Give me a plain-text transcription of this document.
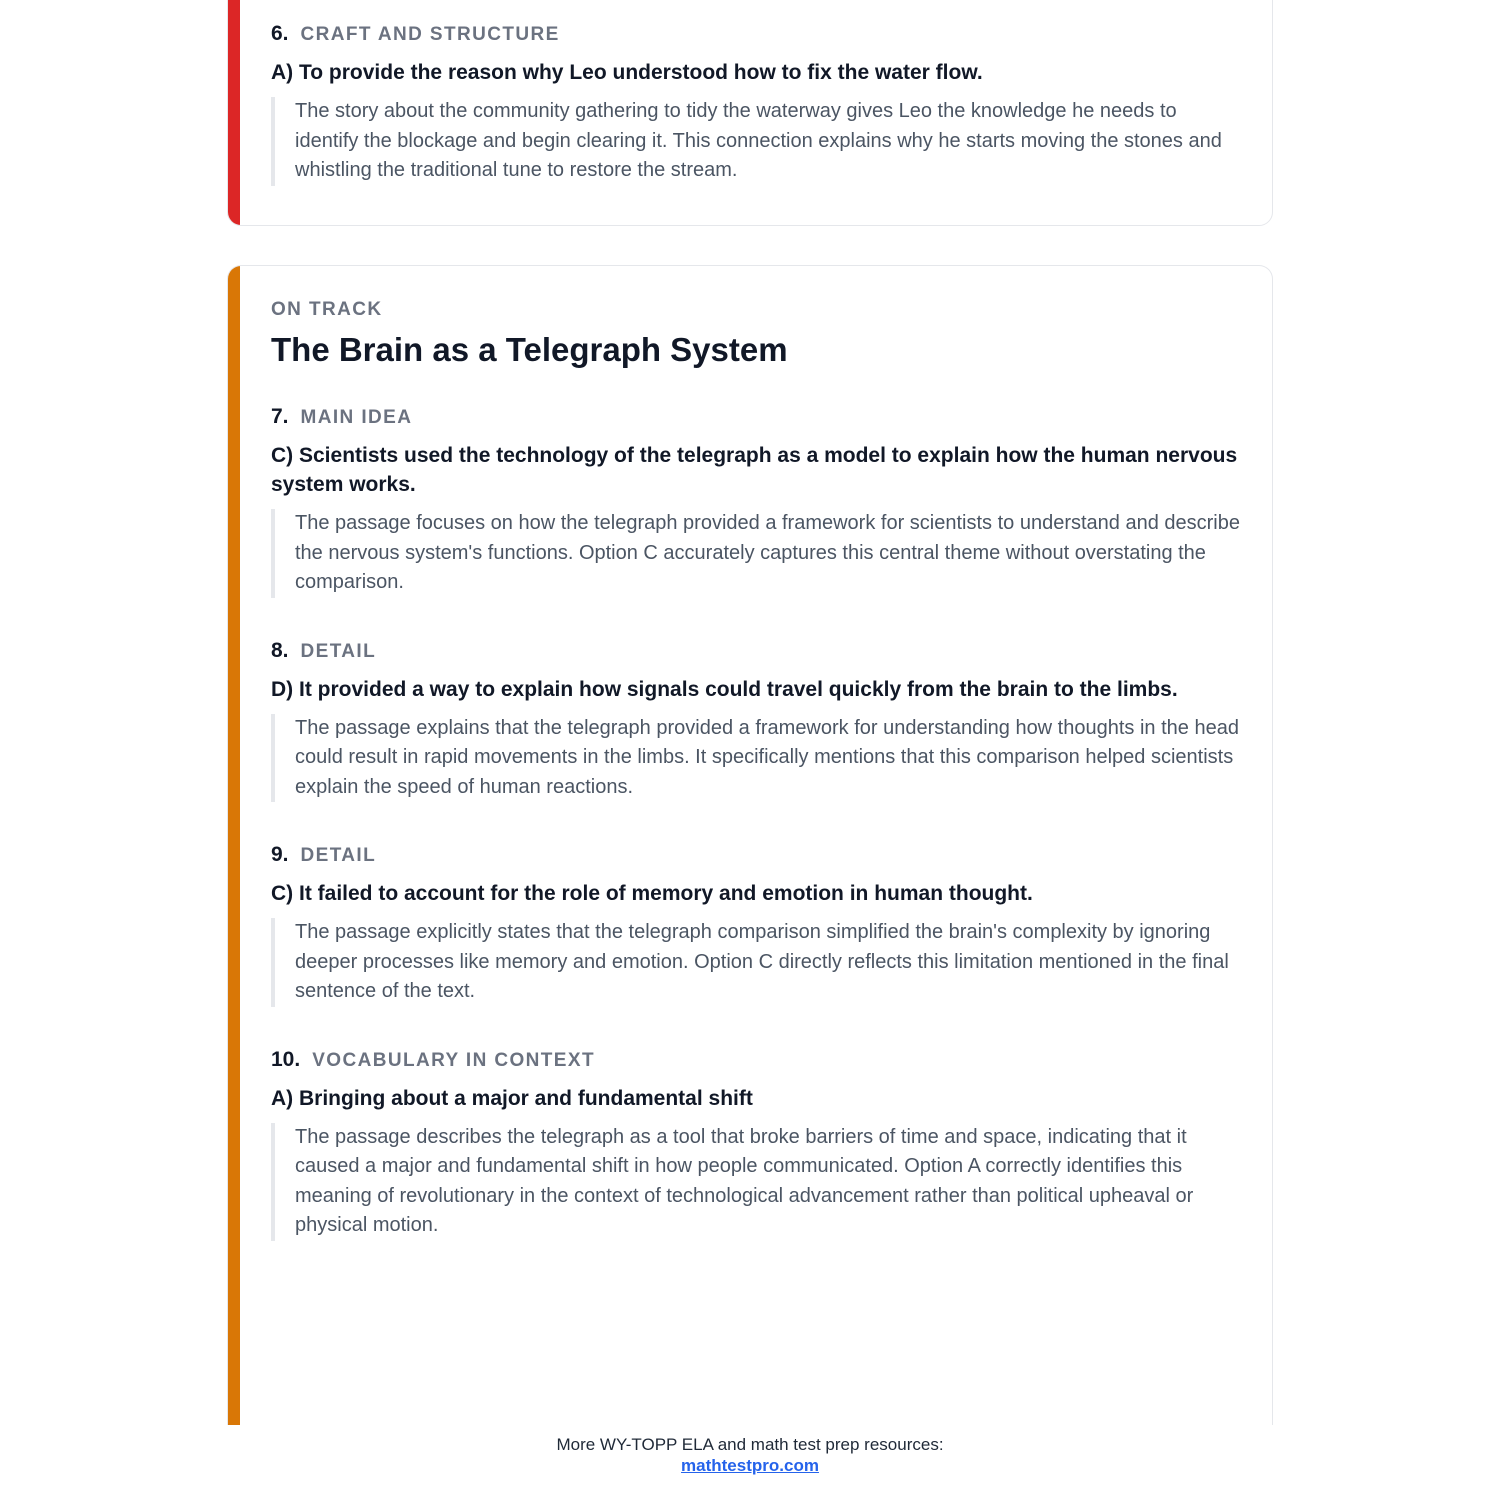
6. CRAFT AND STRUCTURE

A) To provide the reason why Leo understood how to fix the water flow.

The story about the community gathering to tidy the waterway gives Leo the knowledge he needs to identify the blockage and begin clearing it. This connection explains why he starts moving the stones and whistling the traditional tune to restore the stream.

ON TRACK

The Brain as a Telegraph System
7. MAIN IDEA

C) Scientists used the technology of the telegraph as a model to explain how the human nervous system works.

The passage focuses on how the telegraph provided a framework for scientists to understand and describe the nervous system's functions. Option C accurately captures this central theme without overstating the comparison.

8. DETAIL

D) It provided a way to explain how signals could travel quickly from the brain to the limbs.

The passage explains that the telegraph provided a framework for understanding how thoughts in the head could result in rapid movements in the limbs. It specifically mentions that this comparison helped scientists explain the speed of human reactions.

9. DETAIL

C) It failed to account for the role of memory and emotion in human thought.

The passage explicitly states that the telegraph comparison simplified the brain's complexity by ignoring deeper processes like memory and emotion. Option C directly reflects this limitation mentioned in the final sentence of the text.

10. VOCABULARY IN CONTEXT

A) Bringing about a major and fundamental shift

The passage describes the telegraph as a tool that broke barriers of time and space, indicating that it caused a major and fundamental shift in how people communicated. Option A correctly identifies this meaning of revolutionary in the context of technological advancement rather than political upheaval or physical motion.

More WY-TOPP ELA and math test prep resources:
mathtestpro.com
